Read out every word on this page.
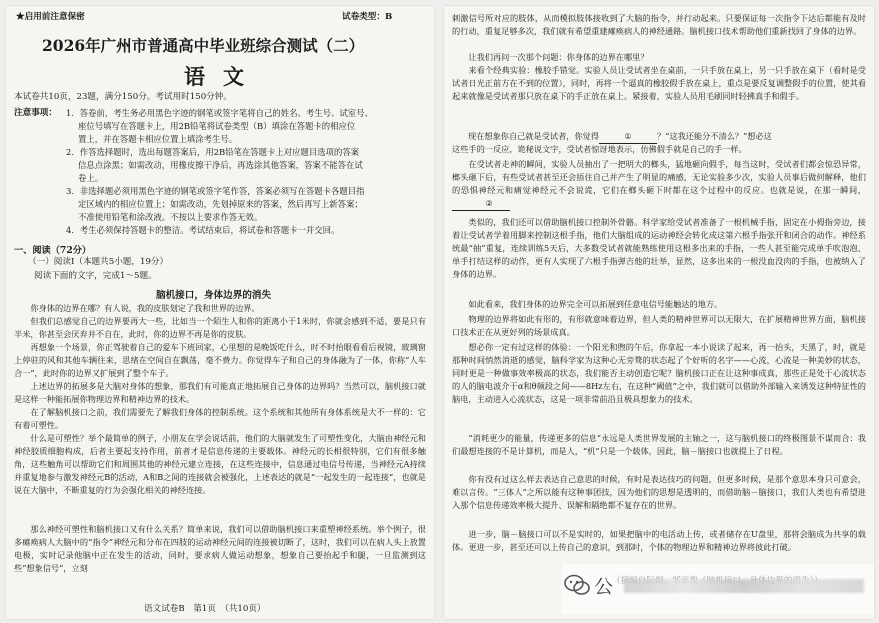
★启用前注意保密	试卷类型：B
2026年广州市普通高中毕业班综合测试（二）
语文
本试卷共10页，23题，满分150分。考试用时150分钟。
注意事项： 1．答卷前，考生务必用黑色字迹的钢笔或签字笔将自己的姓名、考生号、试室号、
座位号填写在答题卡上，用2B铅笔将试卷类型（B）填涂在答题卡的相应位
置上，并在答题卡相应位置上填涂考生号。
2．作答选择题时，选出每题答案后，用2B铅笔在答题卡上对应题目选项的答案
信息点涂黑；如需改动，用橡皮擦干净后，再选涂其他答案，答案不能答在试
卷上。
3．非选择题必须用黑色字迹的钢笔或签字笔作答，答案必须写在答题卡各题目指
定区域内的相应位置上；如需改动，先划掉原来的答案，然后再写上新答案；
不准使用铅笔和涂改液。不按以上要求作答无效。
4．考生必须保持答题卡的整洁。考试结束后，将试卷和答题卡一并交回。
一、阅读（72分）
（一）阅读Ⅰ（本题共5小题，19分）
阅读下面的文字，完成1～5题。
脑机接口，身体边界的消失

你身体的边界在哪？有人说，我的皮肤划定了我和世界的边界。

但我们总感觉自己的边界要再大一些，比如当一个陌生人和你的距离小于1米时，你就会感到不适，要是只有半米，你甚至会厌弃并不自在，此时，你的边界不再是你的皮肤。

再想象一个场景，你正驾驶着自己的爱车下班回家，心里想的是晚饭吃什么，时不时抬眼看看后视镜，玻璃窗上停驻的风和其他车辆往来，思绪在空间自在飘荡，毫不费力。你觉得车子和自己的身体融为了一体，你称“人车合一”，此时你的边界又扩展到了整个车子。

上述边界的拓展多是大脑对身体的想象，那我们有可能真正地拓展自己身体的边界吗？当然可以，脑机接口就是这样一种能拓展你物理边界和精神边界的技术。

在了解脑机接口之前，我们需要先了解我们身体的控制系统。这个系统和其他所有身体系统是大不一样的：它有着可塑性。

什么是可塑性？举个最简单的例子，小朋友在学会说话前，他们的大脑就发生了可塑性变化，大脑由神经元和神经胶质细胞构成，后者主要起支持作用，前者才是信息传递的主要载体。神经元的长相很特别，它们有很多触角，这些触角可以帮助它们和周围其他的神经元建立连接，在这些连接中，信息通过电信号传递，当神经元A持续并重复地参与激发神经元B的活动，A和B之间的连接就会被强化，上述表达的就是“一起发生的一起连接”，也就是说在大脑中，不断重复的行为会强化相关的神经连接。

那么神经可塑性和脑机接口又有什么关系？简单来说，我们可以借助脑机接口来重塑神经系统。举个例子，很多瘫痪病人大脑中的“指令”神经元和分布在四肢的运动神经元间的连接被切断了，这时，我们可以在病人头上放置电极，实时记录他脑中正在发生的活动，同时，要求病人做运动想象，想象自己要抬起手和腿，一旦监测到这些“想象信号”，立刻

语文试卷B　第1页　（共10页）

刺激信号所对应的肢体，从而模拟肢体接收到了大脑的指令，并行动起来。只要保证每一次指令下达后都能有及时的行动，重复足够多次，我们就有希望重建瘫痪病人的神经通路。脑机接口技术帮助他们重新找回了身体的边界。

让我们再问一次那个问题：你身体的边界在哪里？

来看个经典实验：橡胶手错觉。实验人员让受试者坐在桌前，一只手放在桌上，另一只手放在桌下（看时是受试者日光正前方在不到的位置），同时，再将一个逼真的橡胶假手放在桌上，重点是要反复调整假手的位置，使其看起来就像是受试者那只放在桌下的手正放在桌上。紧接着，实验人员用毛刷同时轻拂真手和假手。

现在想象你自己就是受试者，你觉得	①	？“这我还能分不清么？”想必这

这些手的一反应，诡秘说文字，受试者惊讶地表示，仿佛假手就是自己的手一样。

在受试者走神的瞬间，实验人员抽出了一把明大的榔头，猛地砸向假手，每当这时，受试者们都会惊恐异常，榔头砸下后，有些受试者甚至还会捂住自己并产生了明显的痛感，无论实验多少次，实验人员事后做何解释，他们的恐惧神经元和痛觉神经元不会说谎，它们在榔头砸下时都在这个过程中的反应。也就是说，在那一瞬间，②

类似的，我们还可以借助脑机接口控制外骨骼。科学家给受试者准备了一根机械手指，固定在小拇指旁边，接着让受试者学着用脚来控制这根手指，他们大脑组成的运动神经会转化成这第六根手指张开和闭合的动作。神经系统最“抽”重复，连续训练5天后，大多数受试者就能熟练使用这根多出来的手指，一些人甚至能完成单手吹泡泡、单手打结这样的动作，更有人实现了六根手指弹吉他的壮举，显然，这多出来的一根没血没肉的手指，也被纳入了身体的边界。

如此看来，我们身体的边界完全可以拓展到任意电信号能触达的地方。

物理的边界将如此有形的，有形就意味着边界，但人类的精神世界可以无限大，在扩展精神世界方面，脑机接口技术正在从更好列的场景成真。

想必你一定有过这样的体验：一个阳光和煦的午后，你拿起一本小说读了起来，再一抬头，天黑了，时，就是那种时间悄然消逝的感觉，脑科学家为这种心无旁骛的状态起了个好听的名字——心流，心流是一种美妙的状态，同时更是一种做事效率极高的状态，我们能否主动创造它呢？脑机接口正在让这种事成真，那些正是处于心流状态的人的脑电波介于α和θ频段之间——8Hz左右，在这种“阈值”之中，我们就可以借助外部输入来诱发这种特征性的脑电，主动进入心流状态，这是一项非常前沿且极具想象力的技术。

“消耗更少的能量，传递更多的信息”永远是人类世界发展的主轴之一，这与脑机接口的终极图景不谋而合：我们最想连接的不是计算机，而是人，“机”只是一个载体，因此，脑－脑接口也就提上了日程。

你有没有过这么样去表达自己意思的时候，有时是表达技巧的问题，但更多时候，是那个意思本身只可意会，难以言传。“三体人”之所以能有这种事团技，因为他们的思想是透明的，而借助脑－脑接口，我们人类也有希望进入那个信息传递效率极大提升、误解和隔绝都不复存在的世界。

进一步，脑－脑接口可以不是实时的，如果把脑中的电活动上传，或者储存在U盘里，那将会脑成为共享的载体。更进一步，甚至还可以上传自己的意识，到那时，个体的物理边界和精神边界将彼此打破。

公
